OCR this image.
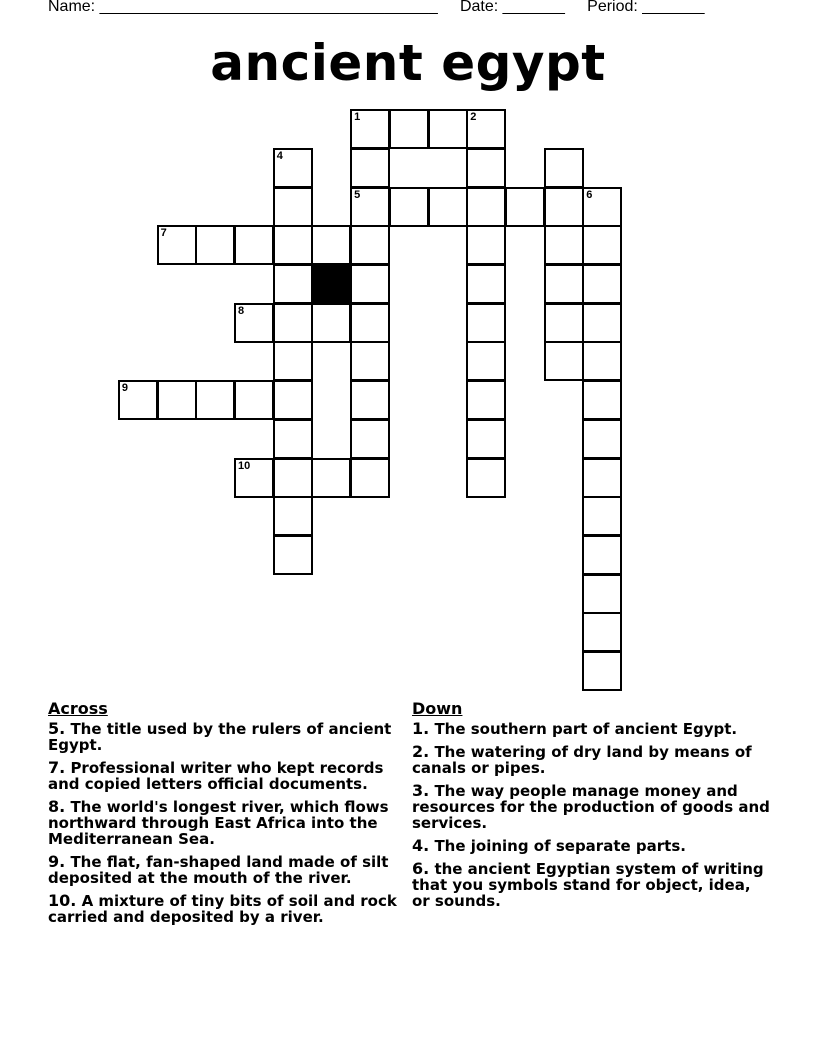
Name: ______________________________________     Date: _______     Period: _______
ancient egypt
1	2
4
5	6
7
8
9
10
Across
5. The title used by the rulers of ancient Egypt.
7. Professional writer who kept records and copied letters official documents.
8. The world's longest river, which flows northward through East Africa into the Mediterranean Sea.
9. The flat, fan-shaped land made of silt deposited at the mouth of the river.
10. A mixture of tiny bits of soil and rock carried and deposited by a river.
Down
1. The southern part of ancient Egypt.
2. The watering of dry land by means of canals or pipes.
3. The way people manage money and resources for the production of goods and services.
4. The joining of separate parts.
6. the ancient Egyptian system of writing that you symbols stand for object, idea, or sounds.
